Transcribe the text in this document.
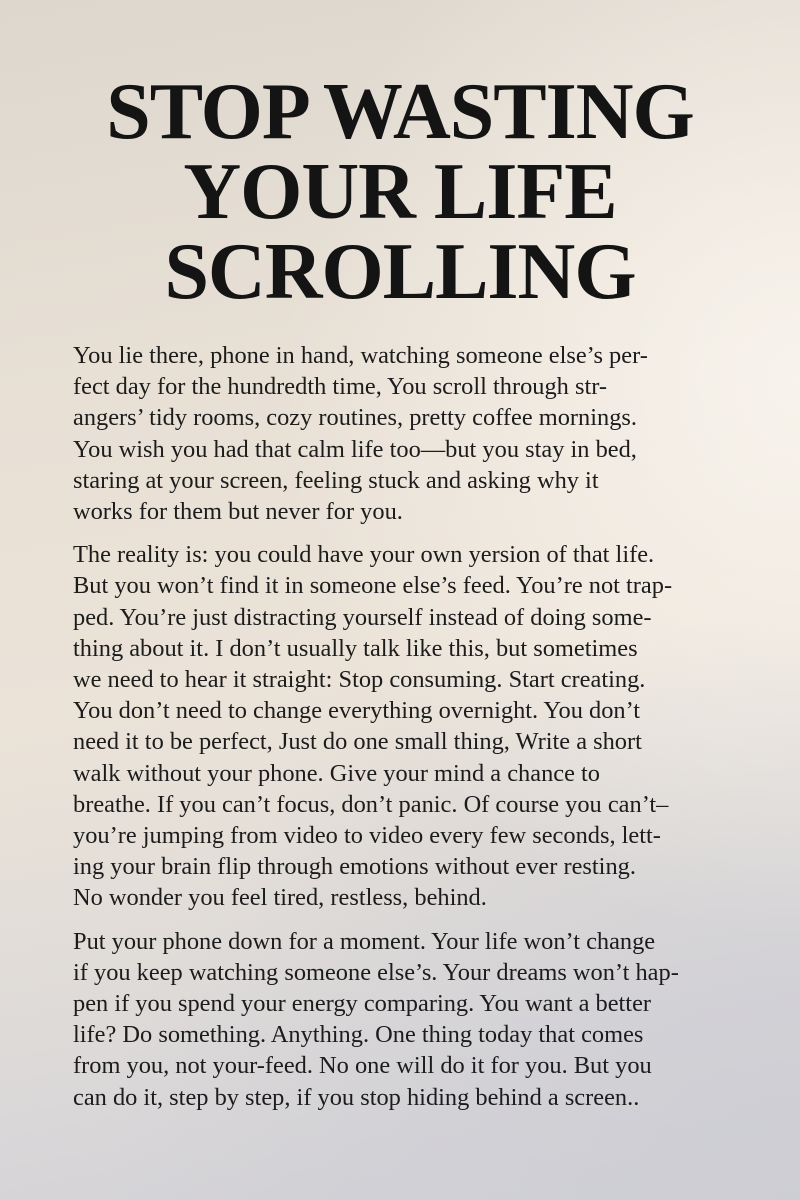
STOP WASTING
YOUR LIFE
SCROLLING

You lie there, phone in hand, watching someone else’s per-
fect day for the hundredth time, You scroll through str-
angers’ tidy rooms, cozy routines, pretty coffee mornings.
You wish you had that calm life too—but you stay in bed,
staring at your screen, feeling stuck and asking why it
works for them but never for you.

The reality is: you could have your own yersion of that life.
But you won’t find it in someone else’s feed. You’re not trap-
ped. You’re just distracting yourself instead of doing some-
thing about it. I don’t usually talk like this, but sometimes
we need to hear it straight: Stop consuming. Start creating.
You don’t need to change everything overnight. You don’t
need it to be perfect, Just do one small thing, Write a short
walk without your phone. Give your mind a chance to
breathe. If you can’t focus, don’t panic. Of course you can’t–
you’re jumping from video to video every few seconds, lett-
ing your brain flip through emotions without ever resting.
No wonder you feel tired, restless, behind.

Put your phone down for a moment. Your life won’t change
if you keep watching someone else’s. Your dreams won’t hap-
pen if you spend your energy comparing. You want a better
life? Do something. Anything. One thing today that comes
from you, not your-feed. No one will do it for you. But you
can do it, step by step, if you stop hiding behind a screen..
